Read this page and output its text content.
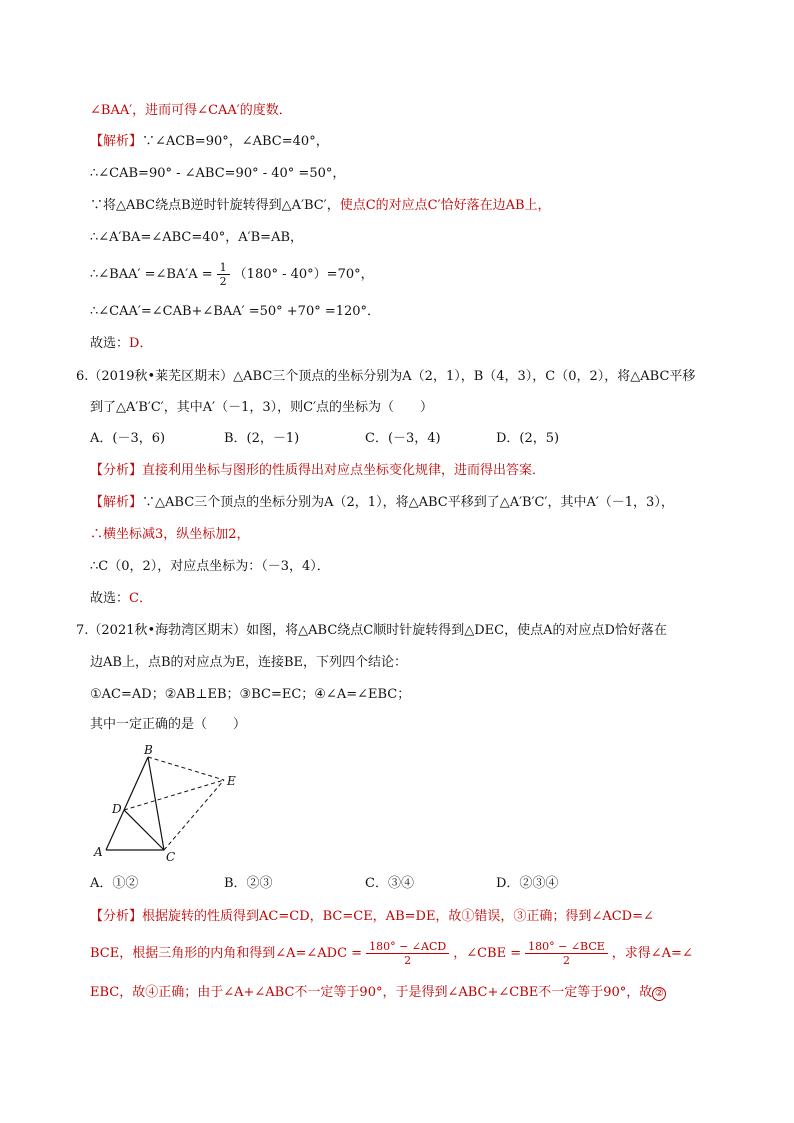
∠BAA′，进而可得∠CAA′的度数．
【解析】∵∠ACB=90°，∠ABC=40°，
∴∠CAB=90° - ∠ABC=90° - 40° =50°，
∵将△ABC绕点B逆时针旋转得到△A′BC′，使点C的对应点C′恰好落在边AB上，
∴∠A′BA=∠ABC=40°，A′B=AB，
∴∠BAA′ =∠BA′A = $\frac{1}{2} (180^\circ - 40^\circ)=70^\circ$，
∴∠CAA′=∠CAB+∠BAA′ =50° +70° =120°．
故选：D．
6.（2019秋•莱芜区期末）△ABC三个顶点的坐标分别为A（2，1），B（4，3），C（0，2），将△ABC平移
到了△A′B′C′，其中A′（－1，3），则C′点的坐标为（　　）
A．(－3，6)	B．(2，－1)	C．(－3，4)	D．(2，5)
【分析】直接利用坐标与图形的性质得出对应点坐标变化规律，进而得出答案．
【解析】∵△ABC三个顶点的坐标分别为A（2，1），将△ABC平移到了△A′B′C′，其中A′（－1，3），
∴横坐标减3，纵坐标加2，
∴C（0，2），对应点坐标为：（－3，4）．
故选：C．
7.（2021秋•海勃湾区期末）如图，将△ABC绕点C顺时针旋转得到△DEC，使点A的对应点D恰好落在
边AB上，点B的对应点为E，连接BE，下列四个结论：
①AC=AD；②AB⊥EB；③BC=EC；④∠A=∠EBC；
其中一定正确的是（　　）
B
E
D
A	C
A．①②	B．②③	C．③④	D．②③④
【分析】根据旋转的性质得到AC=CD，BC=CE，AB=DE，故①错误，③正确；得到∠ACD=∠
BCE，根据三角形的内角和得到∠A=∠ADC = $\frac{\text{180° − ∠ACD}}{2}$ ，∠CBE = $\frac{\text{180° − ∠BCE}}{2}$ ，求得∠A=∠
EBC，故④正确；由于∠A+∠ABC不一定等于90°，于是得到∠ABC+∠CBE不一定等于90°，故 ②
